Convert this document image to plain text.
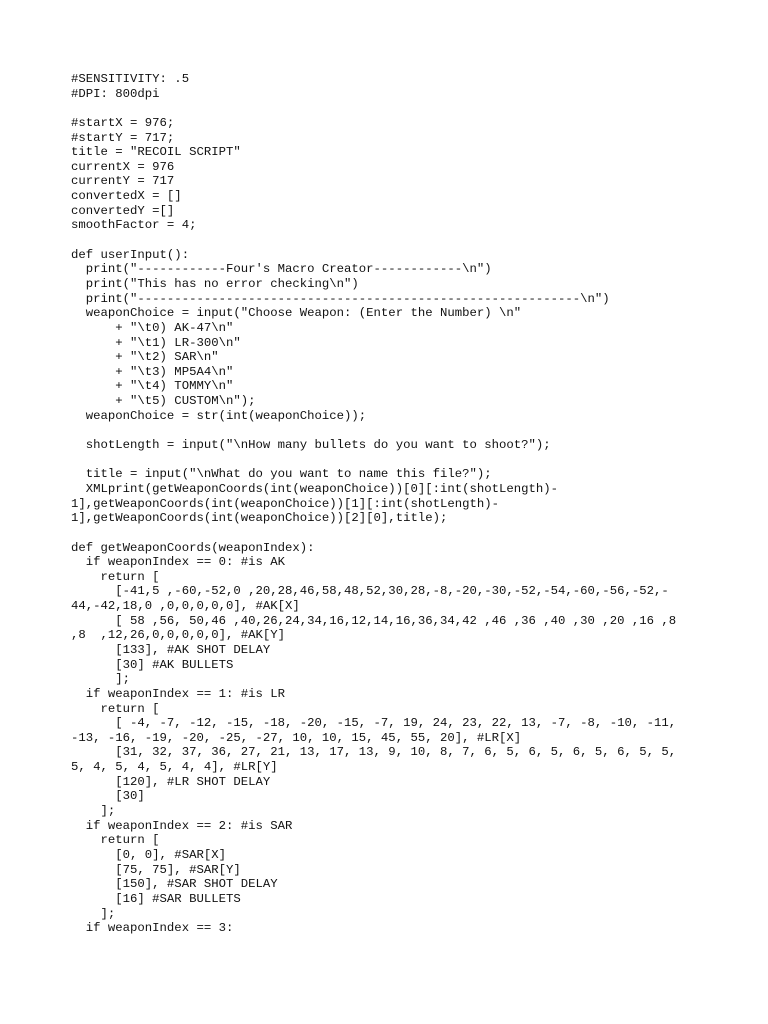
#SENSITIVITY: .5
#DPI: 800dpi
#startX = 976;
#startY = 717;
title = "RECOIL SCRIPT"
currentX = 976
currentY = 717
convertedX = []
convertedY =[]
smoothFactor = 4;
def userInput():
print("------------Four's Macro Creator------------\n")
print("This has no error checking\n")
print("------------------------------------------------------------\n")
weaponChoice = input("Choose Weapon: (Enter the Number) \n"
+ "\t0) AK-47\n"
+ "\t1) LR-300\n"
+ "\t2) SAR\n"
+ "\t3) MP5A4\n"
+ "\t4) TOMMY\n"
+ "\t5) CUSTOM\n");
weaponChoice = str(int(weaponChoice));
shotLength = input("\nHow many bullets do you want to shoot?");
title = input("\nWhat do you want to name this file?");
XMLprint(getWeaponCoords(int(weaponChoice))[0][:int(shotLength)-
1],getWeaponCoords(int(weaponChoice))[1][:int(shotLength)-
1],getWeaponCoords(int(weaponChoice))[2][0],title);
def getWeaponCoords(weaponIndex):
if weaponIndex == 0: #is AK
return [
[-41,5 ,-60,-52,0 ,20,28,46,58,48,52,30,28,-8,-20,-30,-52,-54,-60,-56,-52,-
44,-42,18,0 ,0,0,0,0,0], #AK[X]
[ 58 ,56, 50,46 ,40,26,24,34,16,12,14,16,36,34,42 ,46 ,36 ,40 ,30 ,20 ,16 ,8
,8  ,12,26,0,0,0,0,0], #AK[Y]
[133], #AK SHOT DELAY
[30] #AK BULLETS
];
if weaponIndex == 1: #is LR
return [
[ -4, -7, -12, -15, -18, -20, -15, -7, 19, 24, 23, 22, 13, -7, -8, -10, -11,
-13, -16, -19, -20, -25, -27, 10, 10, 15, 45, 55, 20], #LR[X]
[31, 32, 37, 36, 27, 21, 13, 17, 13, 9, 10, 8, 7, 6, 5, 6, 5, 6, 5, 6, 5, 5,
5, 4, 5, 4, 5, 4, 4], #LR[Y]
[120], #LR SHOT DELAY
[30]
];
if weaponIndex == 2: #is SAR
return [
[0, 0], #SAR[X]
[75, 75], #SAR[Y]
[150], #SAR SHOT DELAY
[16] #SAR BULLETS
];
if weaponIndex == 3:
